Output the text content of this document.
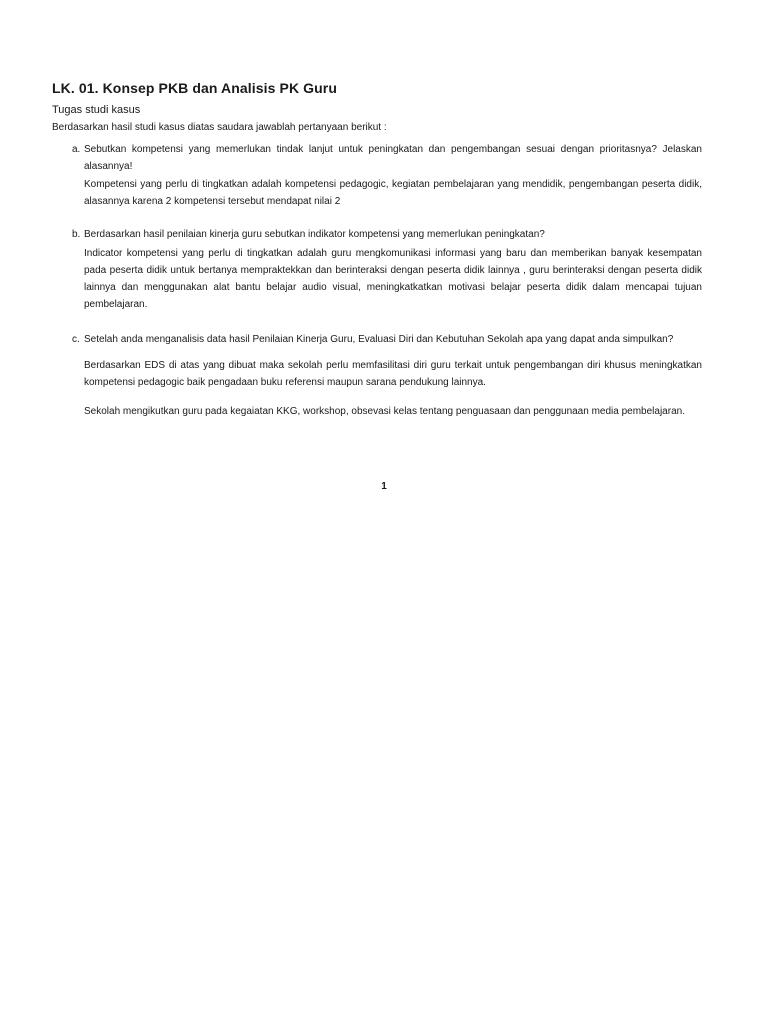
LK. 01. Konsep PKB dan Analisis PK Guru
Tugas studi kasus
Berdasarkan hasil studi kasus diatas saudara jawablah pertanyaan berikut :
a. Sebutkan kompetensi yang memerlukan tindak lanjut untuk peningkatan dan pengembangan sesuai dengan prioritasnya? Jelaskan alasannya!
Kompetensi yang perlu di tingkatkan adalah kompetensi pedagogic, kegiatan pembelajaran yang mendidik, pengembangan peserta didik, alasannya karena 2 kompetensi tersebut mendapat nilai 2
b. Berdasarkan hasil penilaian kinerja guru sebutkan indikator kompetensi yang memerlukan peningkatan?
Indicator kompetensi yang perlu di tingkatkan adalah guru mengkomunikasi informasi yang baru dan memberikan banyak kesempatan pada peserta didik untuk bertanya mempraktekkan dan berinteraksi dengan peserta didik lainnya , guru berinteraksi dengan peserta didik lainnya dan menggunakan alat bantu belajar audio visual, meningkatkatkan motivasi belajar peserta didik dalam mencapai tujuan pembelajaran.
c. Setelah anda menganalisis data hasil Penilaian Kinerja Guru, Evaluasi Diri dan Kebutuhan Sekolah apa yang dapat anda simpulkan?
Berdasarkan EDS di atas yang dibuat maka sekolah perlu memfasilitasi diri guru terkait untuk pengembangan diri khusus meningkatkan kompetensi pedagogic baik pengadaan buku referensi maupun sarana pendukung lainnya.
Sekolah mengikutkan guru pada kegaiatan KKG, workshop, obsevasi kelas tentang penguasaan dan penggunaan media pembelajaran.
1
